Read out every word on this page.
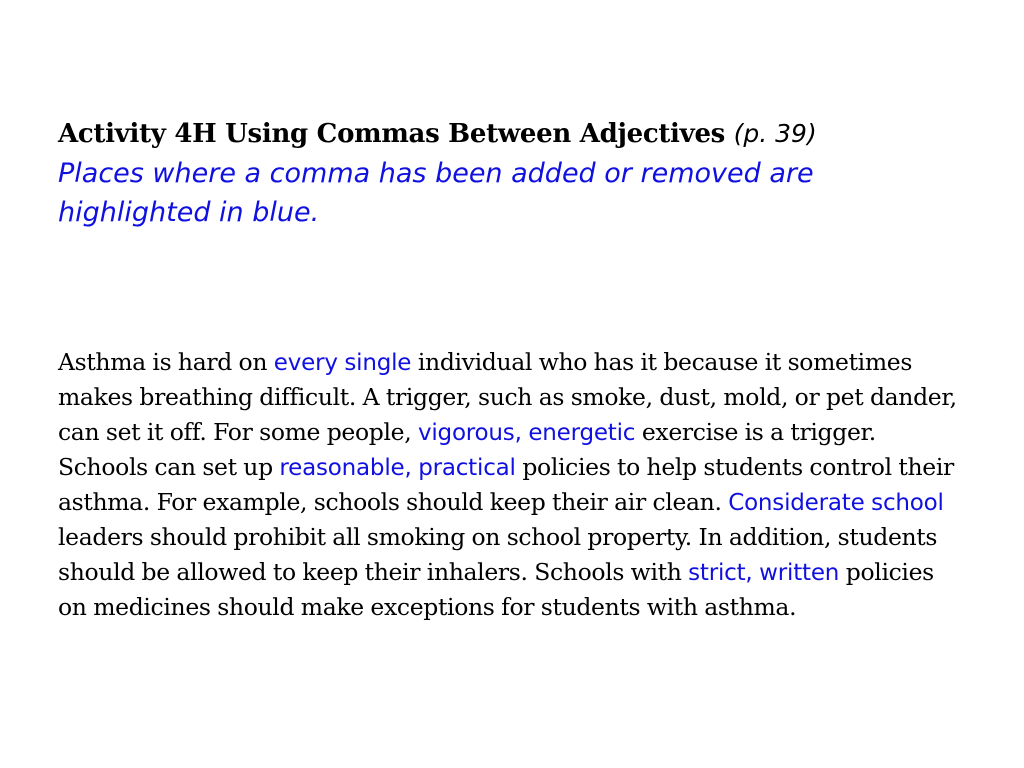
Activity 4H Using Commas Between Adjectives (p. 39)
Places where a comma has been added or removed are highlighted in blue.
Asthma is hard on every single individual who has it because it sometimes makes breathing difficult. A trigger, such as smoke, dust, mold, or pet dander, can set it off. For some people, vigorous, energetic exercise is a trigger. Schools can set up reasonable, practical policies to help students control their asthma. For example, schools should keep their air clean. Considerate school leaders should prohibit all smoking on school property. In addition, students should be allowed to keep their inhalers. Schools with strict, written policies on medicines should make exceptions for students with asthma.
